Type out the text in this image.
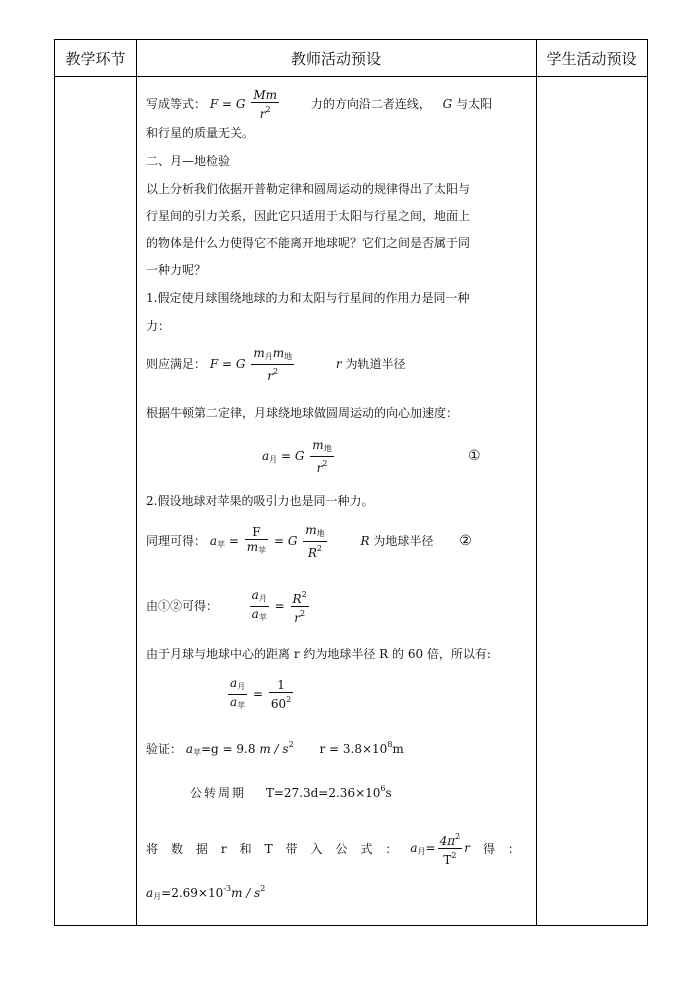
教学环节	教师活动预设	学生活动预设
写成等式： F = G $\frac{Mm}{r^2}$	力的方向沿二者连线， G 与太阳
和行星的质量无关。
二、月—地检验
以上分析我们依据开普勒定律和圆周运动的规律得出了太阳与
行星间的引力关系，因此它只适用于太阳与行星之间，地面上
的物体是什么力使得它不能离开地球呢？它们之间是否属于同
一种力呢？
1.假定使月球围绕地球的力和太阳与行星间的作用力是同一种
力：
则应满足： F = G $\frac{m_月m_地}{r^2}$	r 为轨道半径
根据牛顿第二定律，月球绕地球做圆周运动的向心加速度：
$a_月 = G \frac{m_地}{r^2}$	①
2.假设地球对苹果的吸引力也是同一种力。
同理可得： $a_苹 = \frac{F}{m_苹} = G \frac{m_地}{R^2}$	R 为地球半径 ②
由①②可得：	$\frac{a_月}{a_苹} = \frac{R^2}{r^2}$
由于月球与地球中心的距离 r 约为地球半径 R 的 60 倍，所以有:
$\frac{a_月}{a_苹} = \frac{1}{60^2}$
验证： $a_苹=g = 9.8$ m / $s^2$ $r = 3.8\times 10^8m$
公转周期 $T=27.3d=2.36\times 10^6s$
将 数 据 r 和 T 带 入 公 式 ： $a_月= \frac{4\pi^2}{T^2}$ r 得 ：
$a_月=2.69\times 10^{-3}m / s^2$
